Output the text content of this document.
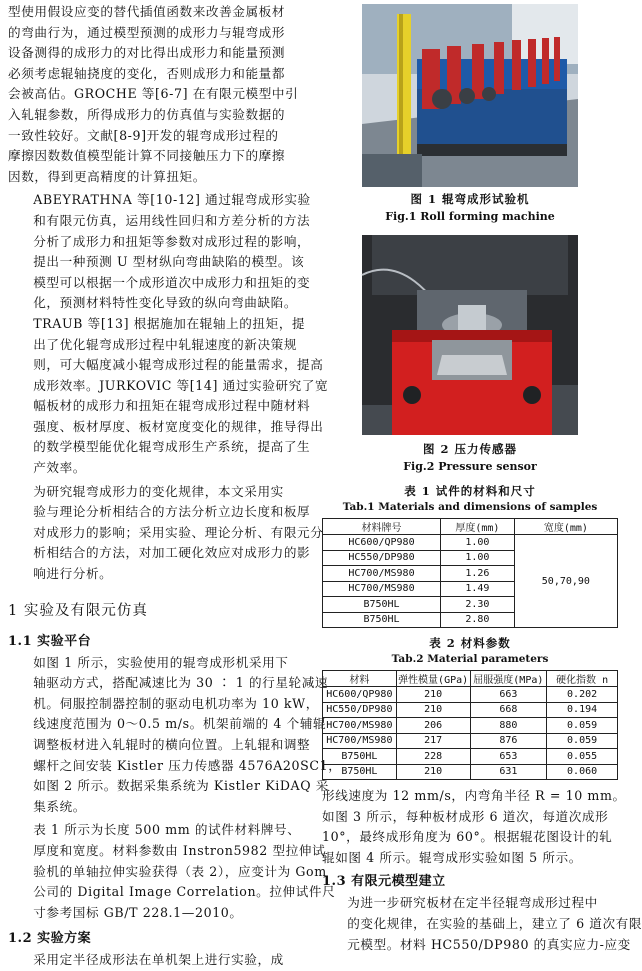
型使用假设应变的替代插值函数来改善金属板材
的弯曲行为，通过模型预测的成形力与辊弯成形
设备测得的成形力的对比得出成形力和能量预测
必须考虑辊轴挠度的变化，否则成形力和能量都
会被高估。GROCHE 等[6-7] 在有限元模型中引
入轧辊参数，所得成形力的仿真值与实验数据的
一致性较好。文献[8-9]开发的辊弯成形过程的
摩擦因数数值模型能计算不同接触压力下的摩擦
因数，得到更高精度的计算扭矩。
ABEYRATHNA 等[10-12] 通过辊弯成形实验
和有限元仿真，运用线性回归和方差分析的方法
分析了成形力和扭矩等参数对成形过程的影响，
提出一种预测 U 型材纵向弯曲缺陷的模型。该
模型可以根据一个成形道次中成形力和扭矩的变
化，预测材料特性变化导致的纵向弯曲缺陷。
TRAUB 等[13] 根据施加在辊轴上的扭矩，提
出了优化辊弯成形过程中轧辊速度的新决策规
则，可大幅度减小辊弯成形过程的能量需求，提高
成形效率。JURKOVIC 等[14] 通过实验研究了宽
幅板材的成形力和扭矩在辊弯成形过程中随材料
强度、板材厚度、板材宽度变化的规律，推导得出
的数学模型能优化辊弯成形生产系统，提高了生
产效率。
为研究辊弯成形力的变化规律，本文采用实
验与理论分析相结合的方法分析立边长度和板厚
对成形力的影响；采用实验、理论分析、有限元分
析相结合的方法，对加工硬化效应对成形力的影
响进行分析。
1 实验及有限元仿真
1.1 实验平台
如图 1 所示，实验使用的辊弯成形机采用下
轴驱动方式，搭配减速比为 30 ∶ 1 的行星轮减速
机。伺服控制器控制的驱动电机功率为 10 kW，
线速度范围为 0～0.5 m/s。机架前端的 4 个辅辊
调整板材进入轧辊时的横向位置。上轧辊和调整
螺杆之间安装 Kistler 压力传感器 4576A20SC1，
如图 2 所示。数据采集系统为 Kistler KiDAQ 采
集系统。
表 1 所示为长度 500 mm 的试件材料牌号、
厚度和宽度。材料参数由 Instron5982 型拉伸试
验机的单轴拉伸实验获得（表 2），应变计为 Gom
公司的 Digital Image Correlation。拉伸试件尺
寸参考国标 GB/T 228.1—2010。
1.2 实验方案
采用定半径成形法在单机架上进行实验，成
图 1 辊弯成形试验机
Fig.1 Roll forming machine
图 2 压力传感器
Fig.2 Pressure sensor
表 1 试件的材料和尺寸
Tab.1 Materials and dimensions of samples
材料牌号	厚度(mm)	宽度(mm)
HC600/QP980	1.00	50,70,90
HC550/DP980	1.00	
HC700/MS980	1.26	
HC700/MS980	1.49	
B750HL	2.30	
B750HL	2.80	
表 2 材料参数
Tab.2 Material parameters
材料	弹性模量(GPa)	屈服强度(MPa)	硬化指数 n
HC600/QP980	210	663	0.202
HC550/DP980	210	668	0.194
HC700/MS980	206	880	0.059
HC700/MS980	217	876	0.059
B750HL	228	653	0.055
B750HL	210	631	0.060
形线速度为 12 mm/s，内弯角半径 R = 10 mm。
如图 3 所示，每种板材成形 6 道次，每道次成形
10°，最终成形角度为 60°。根据辊花图设计的轧
辊如图 4 所示。辊弯成形实验如图 5 所示。
1.3 有限元模型建立
为进一步研究板材在定半径辊弯成形过程中
的变化规律，在实验的基础上，建立了 6 道次有限
元模型。材料 HC550/DP980 的真实应力-应变
